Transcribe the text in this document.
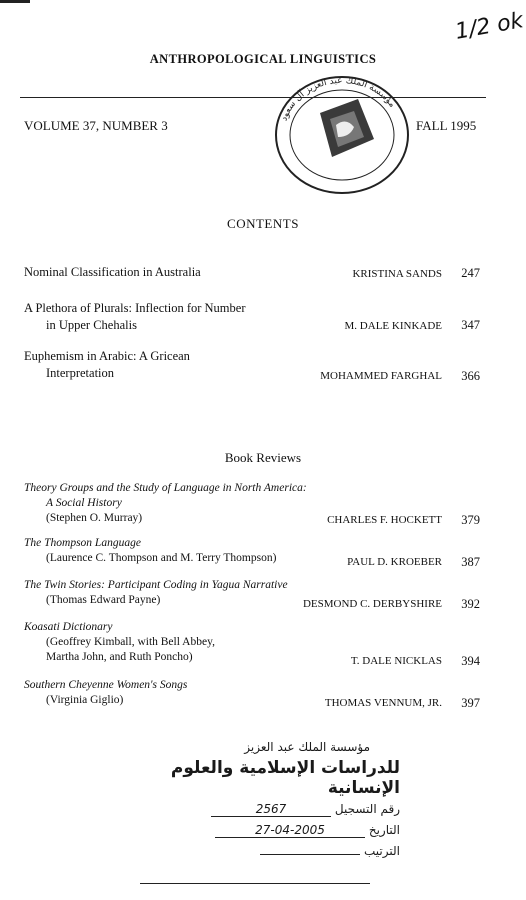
1/2 ok
ANTHROPOLOGICAL LINGUISTICS
VOLUME 37, NUMBER 3	FALL 1995
مؤسسة الملك عبد العزيز آل سعود
CONTENTS
Nominal Classification in Australia	KRISTINA SANDS	247
A Plethora of Plurals: Inflection for Number
in Upper Chehalis	M. DALE KINKADE	347
Euphemism in Arabic: A Gricean
Interpretation	MOHAMMED FARGHAL	366
Book Reviews
Theory Groups and the Study of Language in North America:
A Social History
(Stephen O. Murray)	CHARLES F. HOCKETT	379
The Thompson Language
(Laurence C. Thompson and M. Terry Thompson)	PAUL D. KROEBER	387
The Twin Stories: Participant Coding in Yagua Narrative
(Thomas Edward Payne)	DESMOND C. DERBYSHIRE	392
Koasati Dictionary
(Geoffrey Kimball, with Bell Abbey,
Martha John, and Ruth Poncho)	T. DALE NICKLAS	394
Southern Cheyenne Women's Songs
(Virginia Giglio)	THOMAS VENNUM, JR.	397
مؤسسة الملك عبد العزيز
للدراسات الإسلامية والعلوم الإنسانية
رقم التسجيل 2567
التاريخ 27-04-2005
الترتيب
